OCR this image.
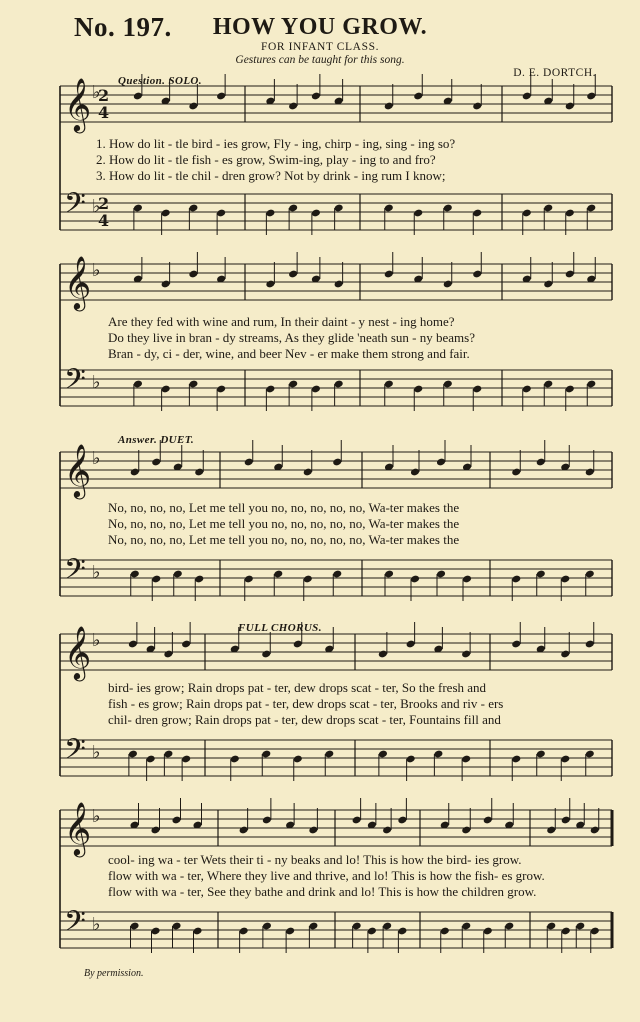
𝄞 ♭
𝄢 ♭
𝄞 ♭
𝄢 ♭
𝄞 ♭
𝄢 ♭
𝄞 ♭
𝄢 ♭
𝄞 ♭
𝄢 ♭
2
4
2
4
No. 197.	HOW YOU GROW.
FOR INFANT CLASS.
Gestures can be taught for this song.
D. E. DORTCH.
Question. SOLO.
Answer. DUET.
FULL CHORUS.
1. How do lit - tle bird - ies grow, Fly - ing, chirp - ing, sing - ing so?
2. How do lit - tle fish - es grow, Swim-ing, play - ing to and fro?
3. How do lit - tle chil - dren grow? Not by drink - ing rum I know;
Are they fed with wine and rum, In their daint - y nest - ing home?
Do they live in bran - dy streams, As they glide 'neath sun - ny beams?
Bran - dy, ci - der, wine, and beer Nev - er make them strong and fair.
No, no, no, no, Let me tell you no, no, no, no, no, Wa-ter makes the
No, no, no, no, Let me tell you no, no, no, no, no, Wa-ter makes the
No, no, no, no, Let me tell you no, no, no, no, no, Wa-ter makes the
bird- ies grow; Rain drops pat - ter, dew drops scat - ter, So the fresh and
fish - es grow; Rain drops pat - ter, dew drops scat - ter, Brooks and riv - ers
chil- dren grow; Rain drops pat - ter, dew drops scat - ter, Fountains fill and
cool- ing wa - ter Wets their ti - ny beaks and lo! This is how the bird- ies grow.
flow with wa - ter, Where they live and thrive, and lo! This is how the fish- es grow.
flow with wa - ter, See they bathe and drink and lo! This is how the children grow.
By permission.
